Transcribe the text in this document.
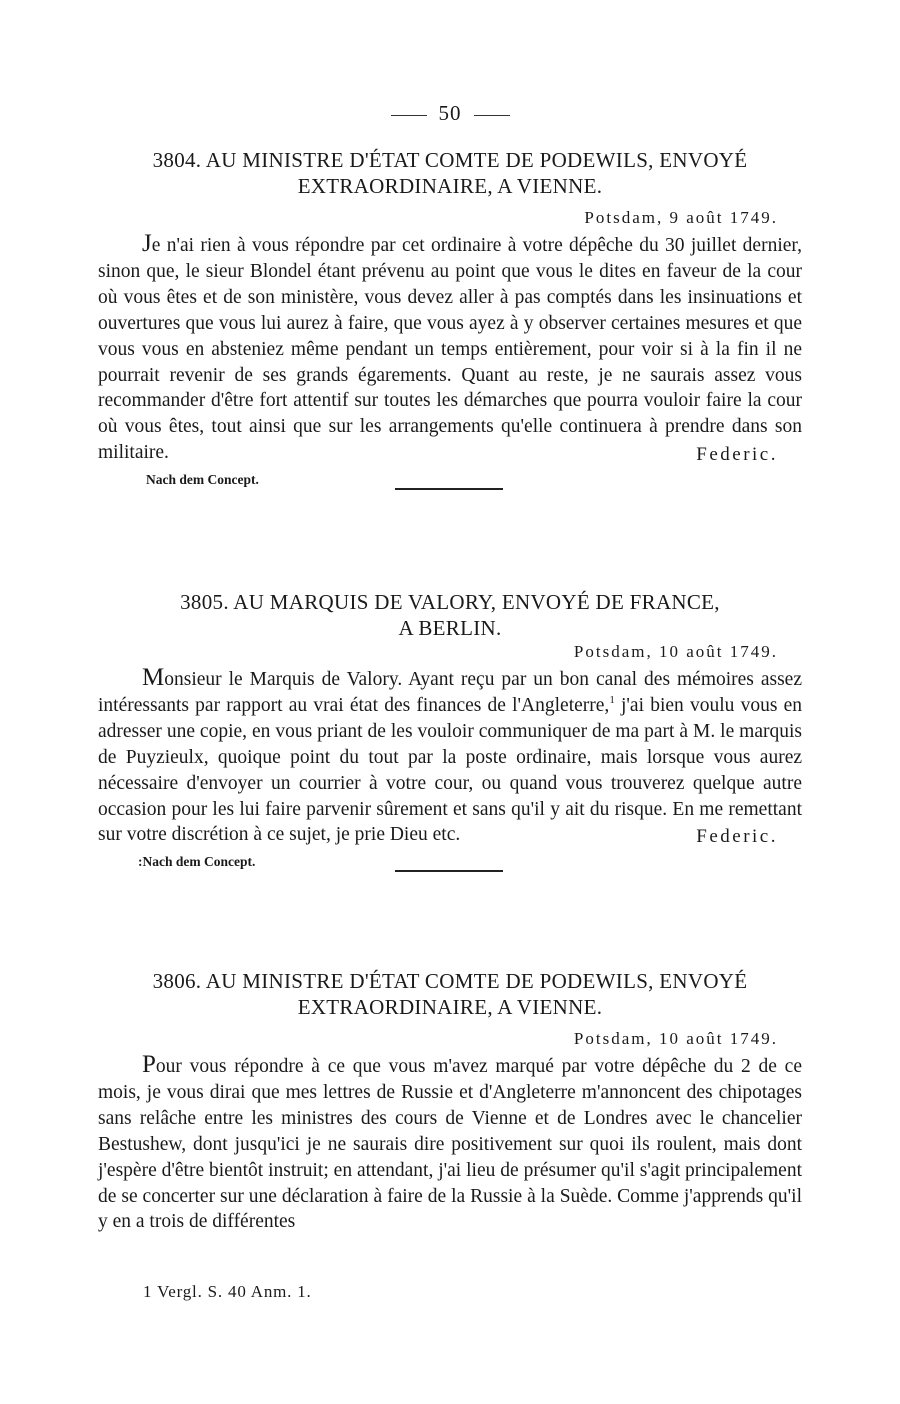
50

3804. AU MINISTRE D'ÉTAT COMTE DE PODEWILS, ENVOYÉ
EXTRAORDINAIRE, A VIENNE.

Potsdam, 9 août 1749.

Je n'ai rien à vous répondre par cet ordinaire à votre dépêche du 30 juillet dernier, sinon que, le sieur Blondel étant prévenu au point que vous le dites en faveur de la cour où vous êtes et de son ministère, vous devez aller à pas comptés dans les insinuations et ouvertures que vous lui aurez à faire, que vous ayez à y observer certaines mesures et que vous vous en absteniez même pendant un temps entièrement, pour voir si à la fin il ne pourrait revenir de ses grands égarements. Quant au reste, je ne saurais assez vous recommander d'être fort attentif sur toutes les démarches que pourra vouloir faire la cour où vous êtes, tout ainsi que sur les arrangements qu'elle continuera à prendre dans son militaire.	Federic.
Nach dem Concept.

3805. AU MARQUIS DE VALORY, ENVOYÉ DE FRANCE,
A BERLIN.

Potsdam, 10 août 1749.

Monsieur le Marquis de Valory. Ayant reçu par un bon canal des mémoires assez intéressants par rapport au vrai état des finances de l'Angleterre,$^1$ j'ai bien voulu vous en adresser une copie, en vous priant de les vouloir communiquer de ma part à M. le marquis de Puyzieulx, quoique point du tout par la poste ordinaire, mais lorsque vous aurez nécessaire d'envoyer un courrier à votre cour, ou quand vous trouverez quelque autre occasion pour les lui faire parvenir sûrement et sans qu'il y ait du risque. En me remettant sur votre discrétion à ce sujet, je prie Dieu etc.	Federic.
:Nach dem Concept.

3806. AU MINISTRE D'ÉTAT COMTE DE PODEWILS, ENVOYÉ
EXTRAORDINAIRE, A VIENNE.

Potsdam, 10 août 1749.

Pour vous répondre à ce que vous m'avez marqué par votre dépêche du 2 de ce mois, je vous dirai que mes lettres de Russie et d'Angleterre m'annoncent des chipotages sans relâche entre les ministres des cours de Vienne et de Londres avec le chancelier Bestushew, dont jusqu'ici je ne saurais dire positivement sur quoi ils roulent, mais dont j'espère d'être bientôt instruit; en attendant, j'ai lieu de présumer qu'il s'agit principalement de se concerter sur une déclaration à faire de la Russie à la Suède. Comme j'apprends qu'il y en a trois de différentes

1 Vergl. S. 40 Anm. 1.
